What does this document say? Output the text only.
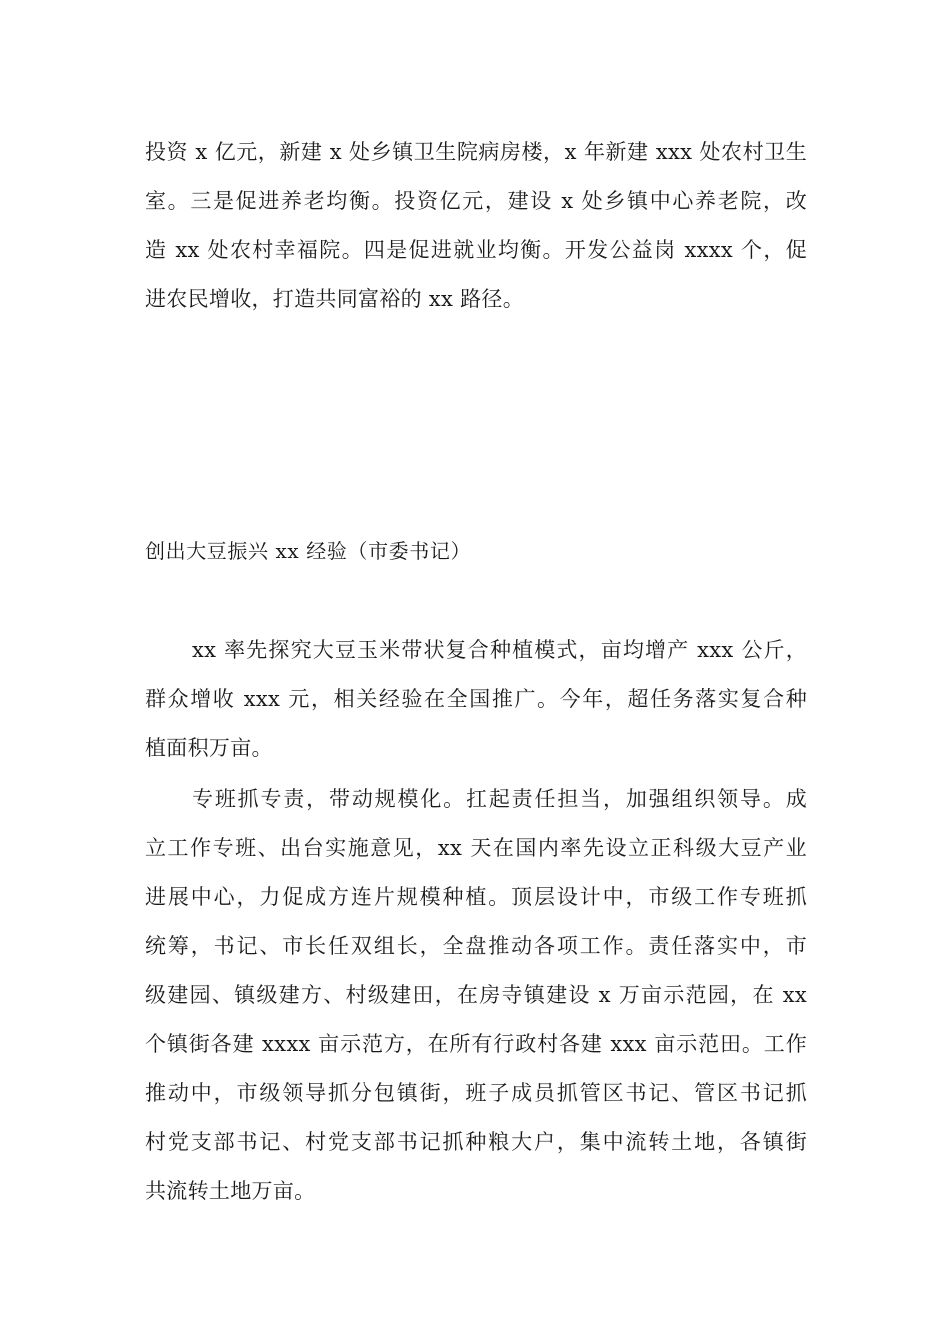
投资 x 亿元，新建 x 处乡镇卫生院病房楼，x 年新建 xxx 处农村卫生
室。三是促进养老均衡。投资亿元，建设 x 处乡镇中心养老院，改
造 xx 处农村幸福院。四是促进就业均衡。开发公益岗 xxxx 个，促
进农民增收，打造共同富裕的 xx 路径。
创出大豆振兴 xx 经验（市委书记）
xx 率先探究大豆玉米带状复合种植模式，亩均增产 xxx 公斤，
群众增收 xxx 元，相关经验在全国推广。今年，超任务落实复合种
植面积万亩。
专班抓专责，带动规模化。扛起责任担当，加强组织领导。成
立工作专班、出台实施意见，xx 天在国内率先设立正科级大豆产业
进展中心，力促成方连片规模种植。顶层设计中，市级工作专班抓
统筹，书记、市长任双组长，全盘推动各项工作。责任落实中，市
级建园、镇级建方、村级建田，在房寺镇建设 x 万亩示范园，在 xx
个镇街各建 xxxx 亩示范方，在所有行政村各建 xxx 亩示范田。工作
推动中，市级领导抓分包镇街，班子成员抓管区书记、管区书记抓
村党支部书记、村党支部书记抓种粮大户，集中流转土地，各镇街
共流转土地万亩。
